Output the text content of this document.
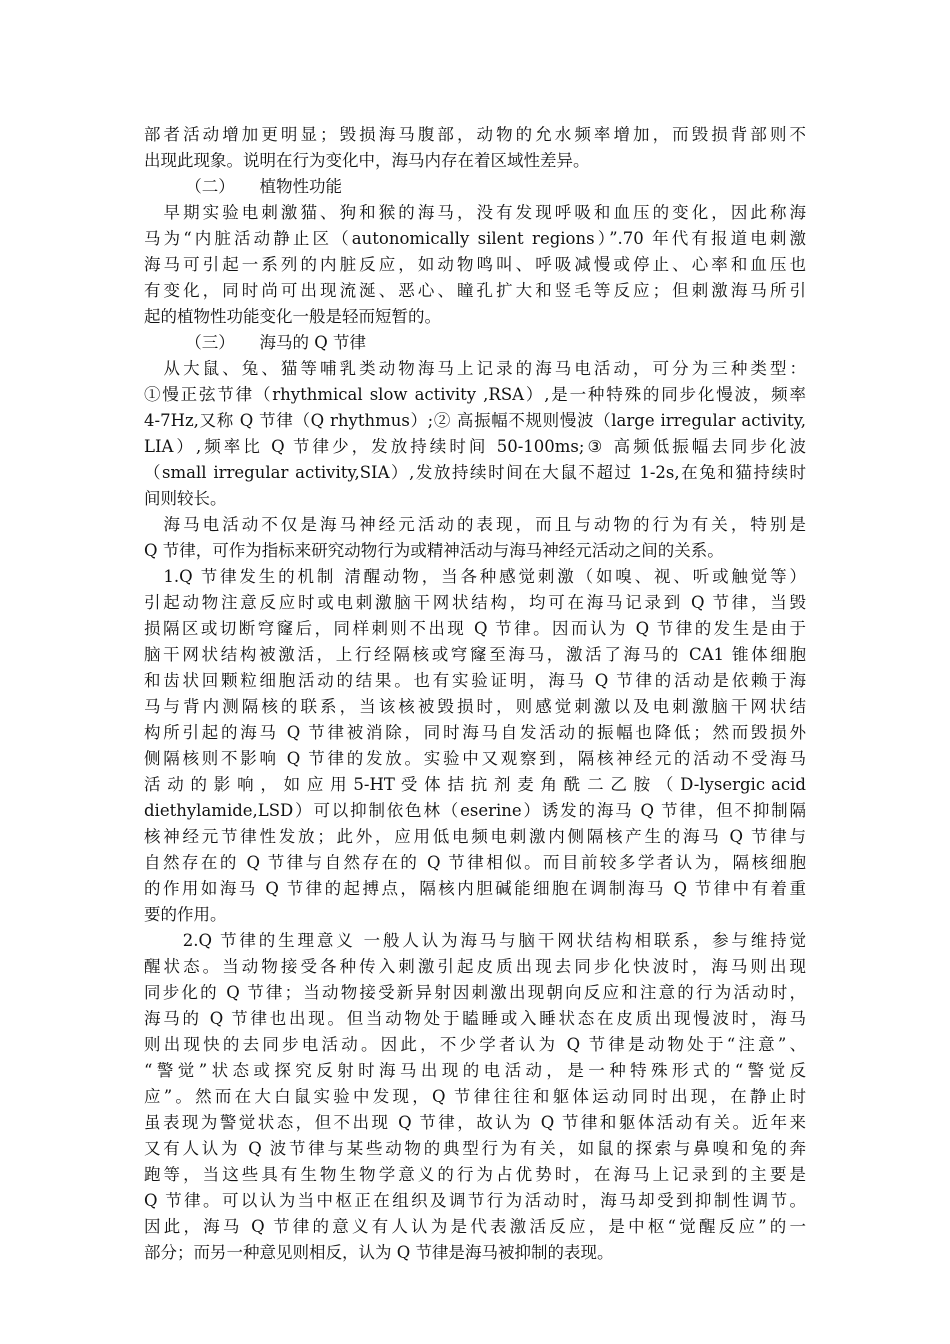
部者活动增加更明显；毁损海马腹部，动物的允水频率增加，而毁损背部则不
出现此现象。说明在行为变化中，海马内存在着区域性差异。
　　　（二）　　植物性功能
　早期实验电刺激猫、狗和猴的海马，没有发现呼吸和血压的变化，因此称海
马为“内脏活动静止区（autonomically silent regions）”.70 年代有报道电刺激
海马可引起一系列的内脏反应，如动物鸣叫、呼吸减慢或停止、心率和血压也
有变化，同时尚可出现流涎、恶心、瞳孔扩大和竖毛等反应；但刺激海马所引
起的植物性功能变化一般是轻而短暂的。
　　　（三）　　海马的 Q 节律
　从大鼠、兔、猫等哺乳类动物海马上记录的海马电活动，可分为三种类型：
①慢正弦节律（rhythmical slow activity ,RSA）,是一种特殊的同步化慢波，频率
4-7Hz,又称 Q 节律（Q rhythmus）;② 高振幅不规则慢波（large irregular activity,
LIA）,频率比 Q 节律少，发放持续时间 50-100ms;③ 高频低振幅去同步化波
（small irregular activity,SIA）,发放持续时间在大鼠不超过 1-2s,在兔和猫持续时
间则较长。
　海马电活动不仅是海马神经元活动的表现，而且与动物的行为有关，特别是
Q 节律，可作为指标来研究动物行为或精神活动与海马神经元活动之间的关系。
　1.Q 节律发生的机制 清醒动物，当各种感觉刺激（如嗅、视、听或触觉等）
引起动物注意反应时或电刺激脑干网状结构，均可在海马记录到 Q 节律，当毁
损隔区或切断穹窿后，同样刺则不出现 Q 节律。因而认为 Q 节律的发生是由于
脑干网状结构被激活，上行经隔核或穹窿至海马，激活了海马的 CA1 锥体细胞
和齿状回颗粒细胞活动的结果。也有实验证明，海马 Q 节律的活动是依赖于海
马与背内测隔核的联系，当该核被毁损时，则感觉刺激以及电刺激脑干网状结
构所引起的海马 Q 节律被消除，同时海马自发活动的振幅也降低；然而毁损外
侧隔核则不影响 Q 节律的发放。实验中又观察到，隔核神经元的活动不受海马
活 动 的 影 响 ， 如 应 用 5-HT 受 体 拮 抗 剂 麦 角 酰 二 乙 胺 （ D-lysergic acid
diethylamide,LSD）可以抑制依色林（eserine）诱发的海马 Q 节律，但不抑制隔
核神经元节律性发放；此外，应用低电频电刺激内侧隔核产生的海马 Q 节律与
自然存在的 Q 节律与自然存在的 Q 节律相似。而目前较多学者认为，隔核细胞
的作用如海马 Q 节律的起搏点，隔核内胆碱能细胞在调制海马 Q 节律中有着重
要的作用。
　　2.Q 节律的生理意义 一般人认为海马与脑干网状结构相联系，参与维持觉
醒状态。当动物接受各种传入刺激引起皮质出现去同步化快波时，海马则出现
同步化的 Q 节律；当动物接受新异射因刺激出现朝向反应和注意的行为活动时，
海马的 Q 节律也出现。但当动物处于瞌睡或入睡状态在皮质出现慢波时，海马
则出现快的去同步电活动。因此，不少学者认为 Q 节律是动物处于“注意”、
“警觉”状态或探究反射时海马出现的电活动，是一种特殊形式的“警觉反
应”。然而在大白鼠实验中发现，Q 节律往往和躯体运动同时出现，在静止时
虽表现为警觉状态，但不出现 Q 节律，故认为 Q 节律和躯体活动有关。近年来
又有人认为 Q 波节律与某些动物的典型行为有关，如鼠的探索与鼻嗅和兔的奔
跑等，当这些具有生物生物学意义的行为占优势时，在海马上记录到的主要是
Q 节律。可以认为当中枢正在组织及调节行为活动时，海马却受到抑制性调节。
因此，海马 Q 节律的意义有人认为是代表激活反应，是中枢“觉醒反应”的一
部分；而另一种意见则相反，认为 Q 节律是海马被抑制的表现。
